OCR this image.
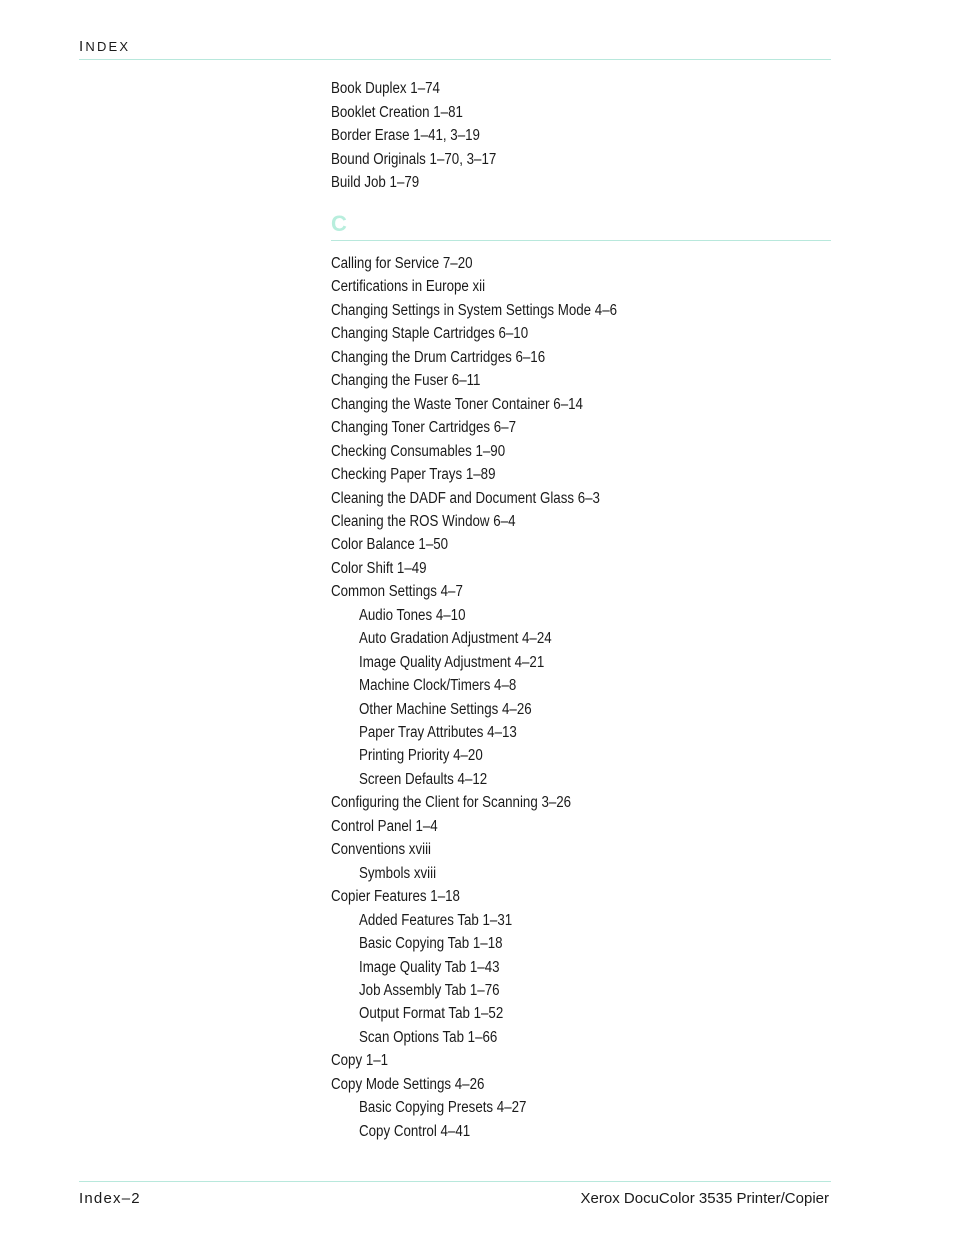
INDEX
Book Duplex 1–74
Booklet Creation 1–81
Border Erase 1–41, 3–19
Bound Originals 1–70, 3–17
Build Job 1–79
C
Calling for Service 7–20
Certifications in Europe xii
Changing Settings in System Settings Mode 4–6
Changing Staple Cartridges 6–10
Changing the Drum Cartridges 6–16
Changing the Fuser 6–11
Changing the Waste Toner Container 6–14
Changing Toner Cartridges 6–7
Checking Consumables 1–90
Checking Paper Trays 1–89
Cleaning the DADF and Document Glass 6–3
Cleaning the ROS Window 6–4
Color Balance 1–50
Color Shift 1–49
Common Settings 4–7
Audio Tones 4–10
Auto Gradation Adjustment 4–24
Image Quality Adjustment 4–21
Machine Clock/Timers 4–8
Other Machine Settings 4–26
Paper Tray Attributes 4–13
Printing Priority 4–20
Screen Defaults 4–12
Configuring the Client for Scanning 3–26
Control Panel 1–4
Conventions xviii
Symbols xviii
Copier Features 1–18
Added Features Tab 1–31
Basic Copying Tab 1–18
Image Quality Tab 1–43
Job Assembly Tab 1–76
Output Format Tab 1–52
Scan Options Tab 1–66
Copy 1–1
Copy Mode Settings 4–26
Basic Copying Presets 4–27
Copy Control 4–41
Index–2	Xerox DocuColor 3535 Printer/Copier
